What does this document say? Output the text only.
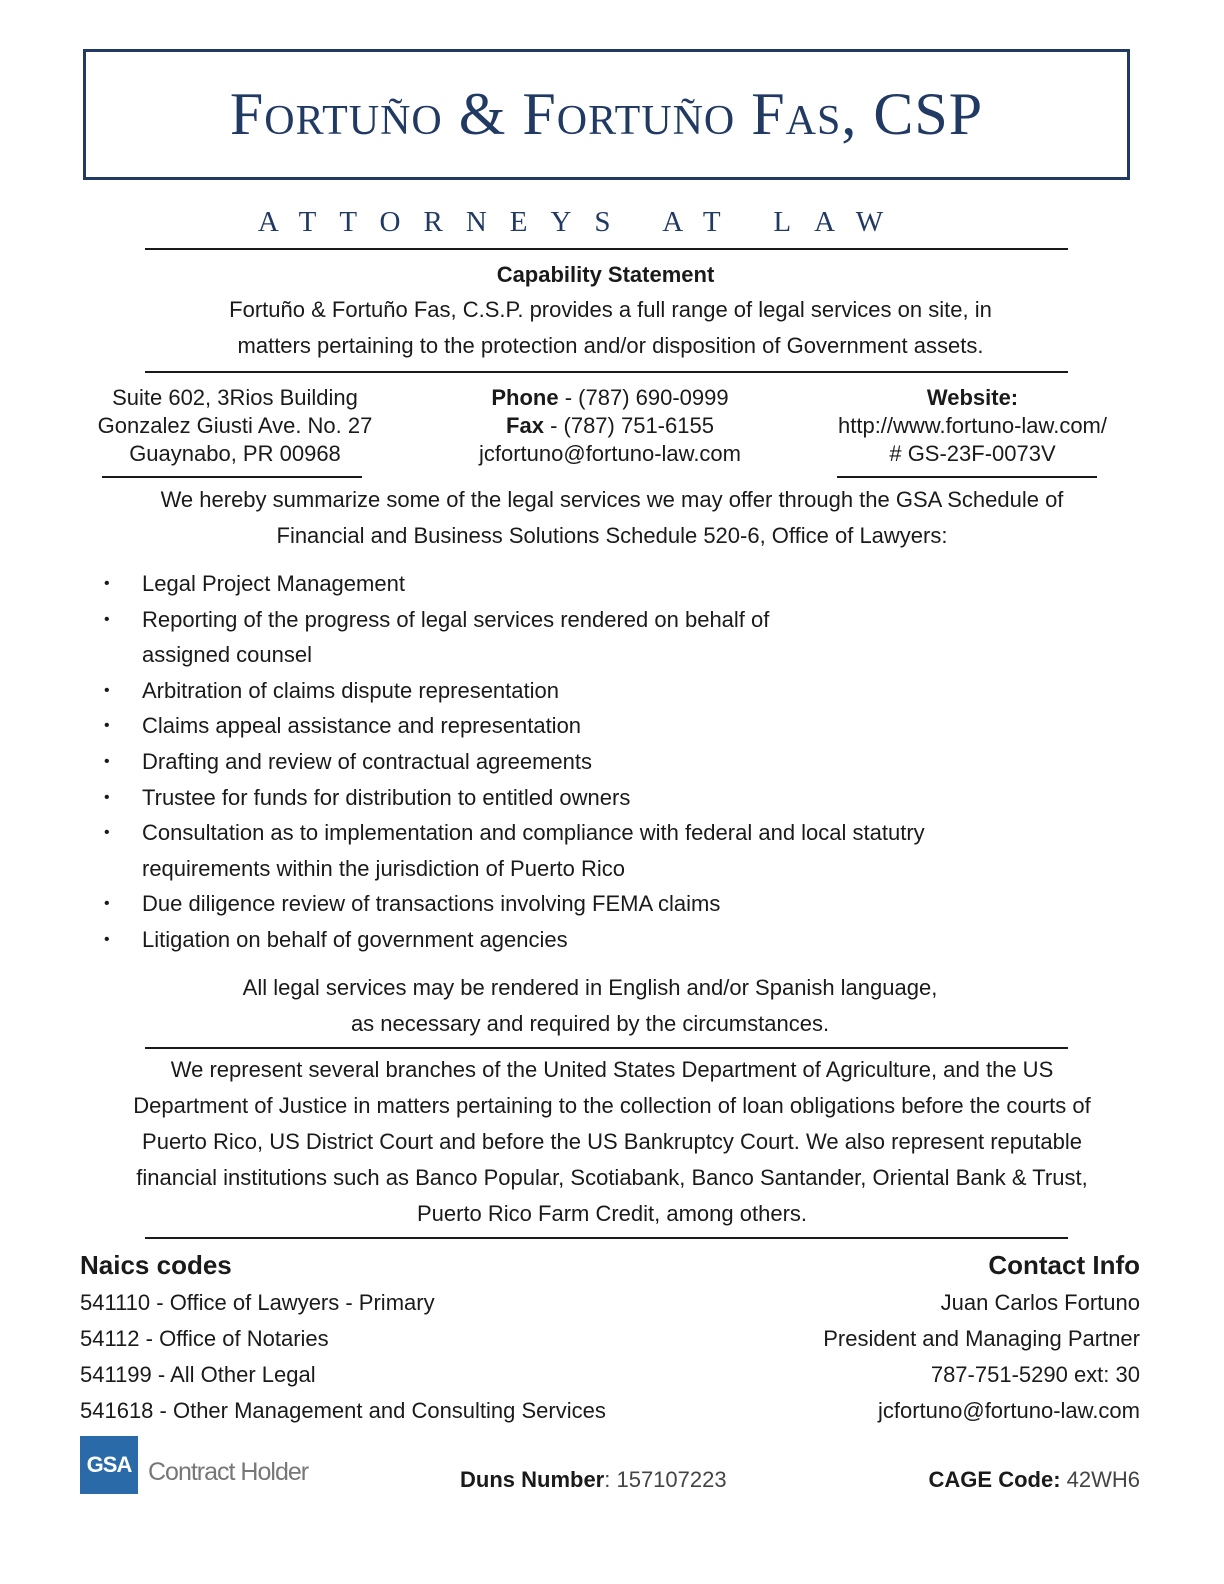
Fortuño & Fortuño Fas, CSP
ATTORNEYS AT LAW
Capability Statement
Fortuño & Fortuño Fas, C.S.P. provides a full range of legal services on site, in
matters pertaining to the protection and/or disposition of Government assets.
Suite 602, 3Rios Building
Gonzalez Giusti Ave. No. 27
Guaynabo, PR 00968
Phone - (787) 690-0999
Fax - (787) 751-6155
jcfortuno@fortuno-law.com
Website:
http://www.fortuno-law.com/
# GS-23F-0073V
We hereby summarize some of the legal services we may offer through the GSA Schedule of
Financial and Business Solutions Schedule 520-6, Office of Lawyers:
• Legal Project Management
• Reporting of the progress of legal services rendered on behalf of
assigned counsel
• Arbitration of claims dispute representation
• Claims appeal assistance and representation
• Drafting and review of contractual agreements
• Trustee for funds for distribution to entitled owners
• Consultation as to implementation and compliance with federal and local statutry
requirements within the jurisdiction of Puerto Rico
• Due diligence review of transactions involving FEMA claims
• Litigation on behalf of government agencies
All legal services may be rendered in English and/or Spanish language,
as necessary and required by the circumstances.
We represent several branches of the United States Department of Agriculture, and the US
Department of Justice in matters pertaining to the collection of loan obligations before the courts of
Puerto Rico, US District Court and before the US Bankruptcy Court. We also represent reputable
financial institutions such as Banco Popular, Scotiabank, Banco Santander, Oriental Bank & Trust,
Puerto Rico Farm Credit, among others.
Naics codes
541110 - Office of Lawyers - Primary
54112 - Office of Notaries
541199 - All Other Legal
541618 - Other Management and Consulting Services
Contact Info
Juan Carlos Fortuno
President and Managing Partner
787-751-5290 ext: 30
jcfortuno@fortuno-law.com
GSA Contract Holder	Duns Number: 157107223	CAGE Code: 42WH6
